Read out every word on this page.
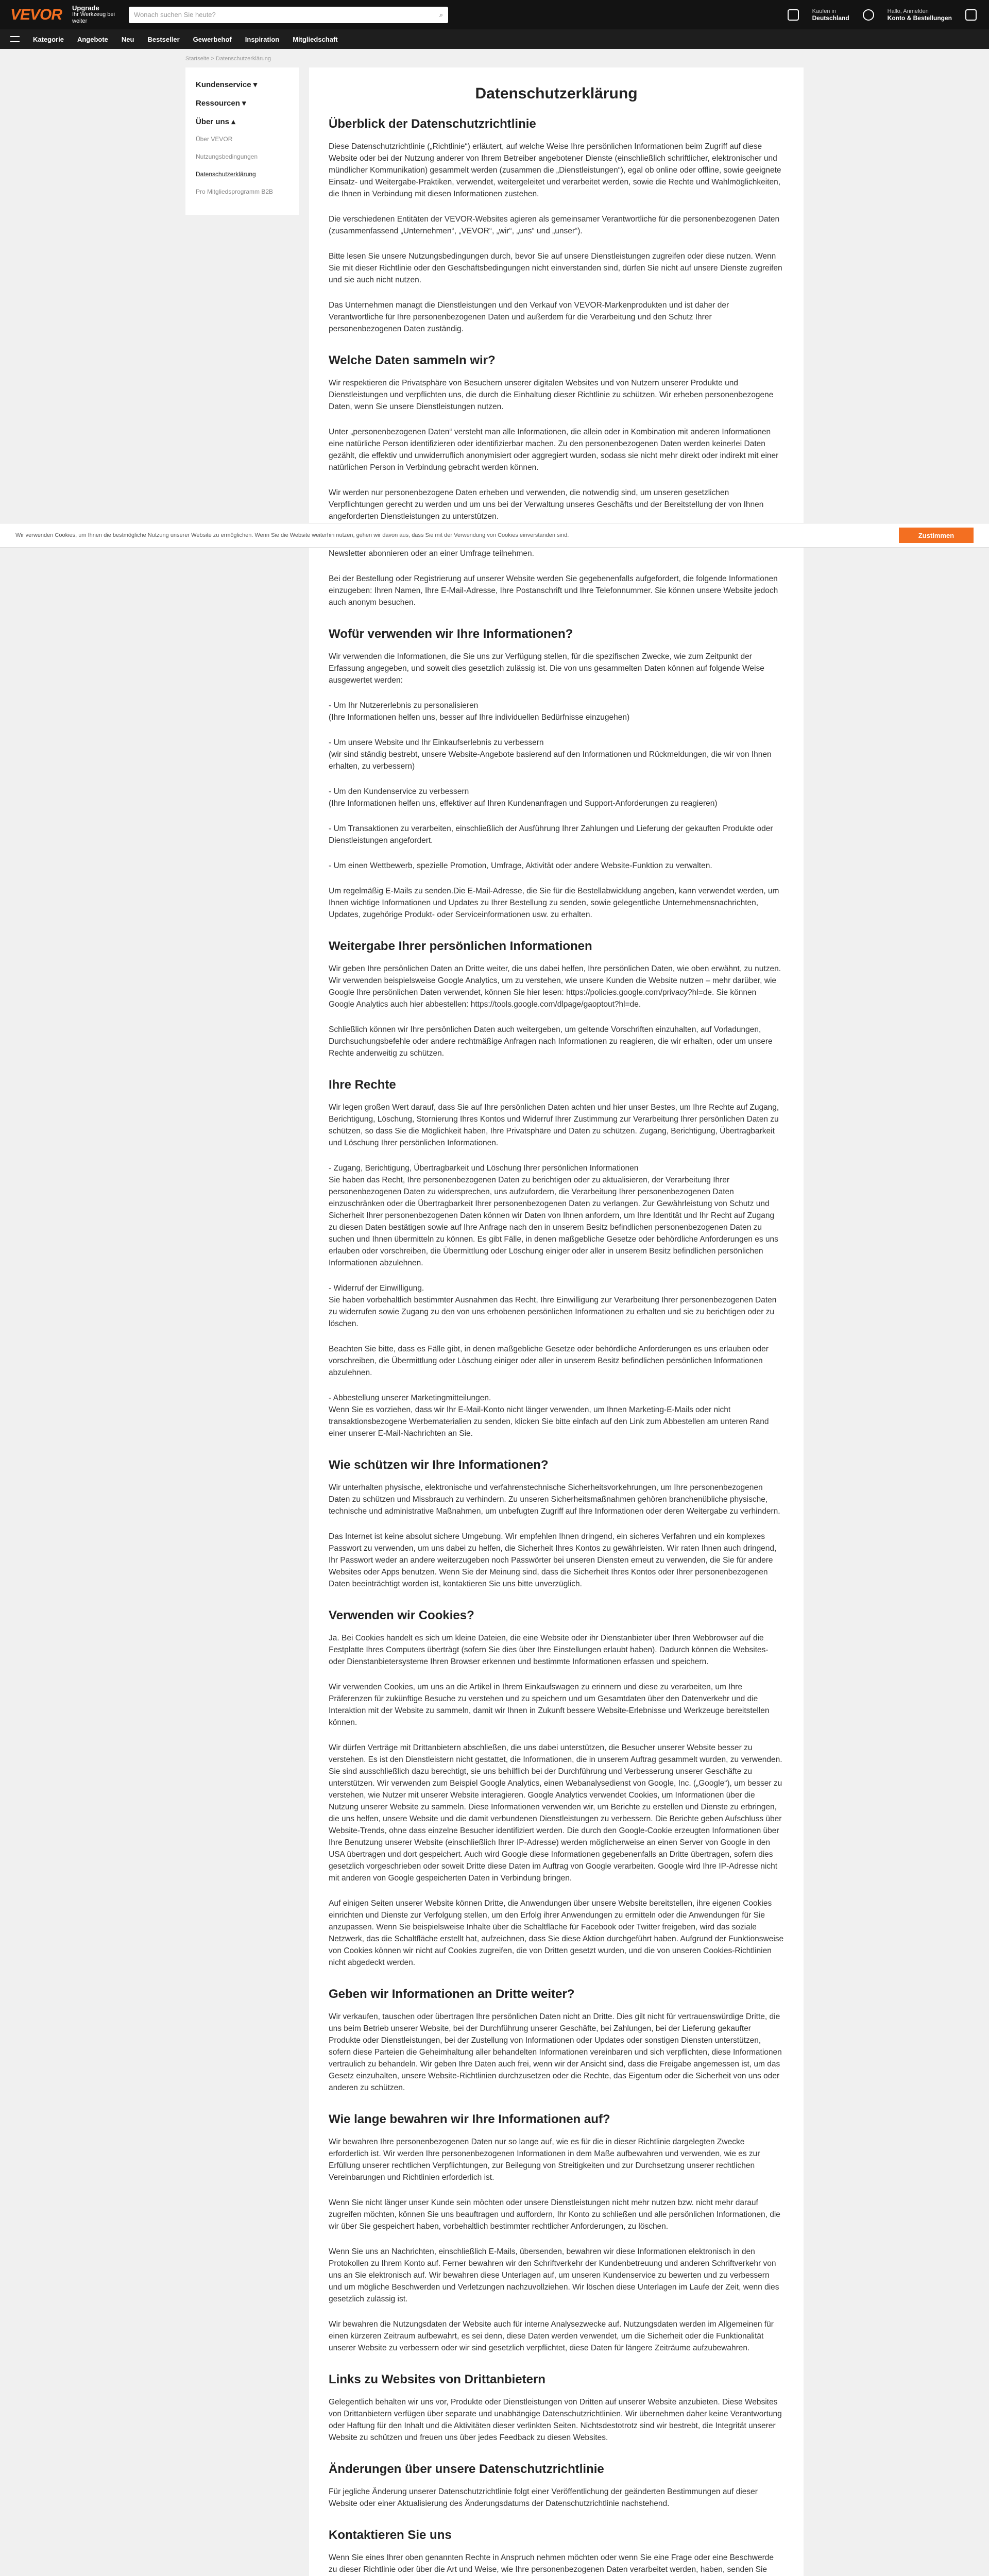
VEVOR	Upgrade
Ihr Werkzeug bei weiter
Wonach suchen Sie heute?	⌕	Kaufen in
Deutschland
Hallo, Anmelden
Konto & Bestellungen
Kategorie Angebote Neu Bestseller Gewerbehof Inspiration Mitgliedschaft
Startseite > Datenschutzerklärung
Kundenservice ▾
Ressourcen ▾
Über uns ▴
Über VEVOR
Nutzungsbedingungen
Datenschutzerklärung
Pro Mitgliedsprogramm B2B
Datenschutzerklärung
Überblick der Datenschutzrichtlinie

Diese Datenschutzrichtlinie („Richtlinie“) erläutert, auf welche Weise Ihre persönlichen Informationen beim Zugriff auf diese Website oder bei der Nutzung anderer von Ihrem Betreiber angebotener Dienste (einschließlich schriftlicher, elektronischer und mündlicher Kommunikation) gesammelt werden (zusammen die „Dienstleistungen“), egal ob online oder offline, sowie geeignete Einsatz- und Weitergabe-Praktiken, verwendet, weitergeleitet und verarbeitet werden, sowie die Rechte und Wahlmöglichkeiten, die Ihnen in Verbindung mit diesen Informationen zustehen.

Die verschiedenen Entitäten der VEVOR-Websites agieren als gemeinsamer Verantwortliche für die personenbezogenen Daten (zusammenfassend „Unternehmen“, „VEVOR“, „wir“, „uns“ und „unser“).

Bitte lesen Sie unsere Nutzungsbedingungen durch, bevor Sie auf unsere Dienstleistungen zugreifen oder diese nutzen. Wenn Sie mit dieser Richtlinie oder den Geschäftsbedingungen nicht einverstanden sind, dürfen Sie nicht auf unsere Dienste zugreifen und sie auch nicht nutzen.

Das Unternehmen managt die Dienstleistungen und den Verkauf von VEVOR-Markenprodukten und ist daher der Verantwortliche für Ihre personenbezogenen Daten und außerdem für die Verarbeitung und den Schutz Ihrer personenbezogenen Daten zuständig.

Welche Daten sammeln wir?

Wir respektieren die Privatsphäre von Besuchern unserer digitalen Websites und von Nutzern unserer Produkte und Dienstleistungen und verpflichten uns, die durch die Einhaltung dieser Richtlinie zu schützen. Wir erheben personenbezogene Daten, wenn Sie unsere Dienstleistungen nutzen.

Unter „personenbezogenen Daten“ versteht man alle Informationen, die allein oder in Kombination mit anderen Informationen eine natürliche Person identifizieren oder identifizierbar machen. Zu den personenbezogenen Daten werden keinerlei Daten gezählt, die effektiv und unwiderruflich anonymisiert oder aggregiert wurden, sodass sie nicht mehr direkt oder indirekt mit einer natürlichen Person in Verbindung gebracht werden können.

Wir werden nur personenbezogene Daten erheben und verwenden, die notwendig sind, um unseren gesetzlichen Verpflichtungen gerecht zu werden und um uns bei der Verwaltung unseres Geschäfts und der Bereitstellung der von Ihnen angeforderten Dienstleistungen zu unterstützen.

Newsletter abonnieren oder an einer Umfrage teilnehmen.

Bei der Bestellung oder Registrierung auf unserer Website werden Sie gegebenenfalls aufgefordert, die folgende Informationen einzugeben: Ihren Namen, Ihre E-Mail-Adresse, Ihre Postanschrift und Ihre Telefonnummer. Sie können unsere Website jedoch auch anonym besuchen.

Wofür verwenden wir Ihre Informationen?

Wir verwenden die Informationen, die Sie uns zur Verfügung stellen, für die spezifischen Zwecke, wie zum Zeitpunkt der Erfassung angegeben, und soweit dies gesetzlich zulässig ist. Die von uns gesammelten Daten können auf folgende Weise ausgewertet werden:

- Um Ihr Nutzererlebnis zu personalisieren
(Ihre Informationen helfen uns, besser auf Ihre individuellen Bedürfnisse einzugehen)

- Um unsere Website und Ihr Einkaufserlebnis zu verbessern
(wir sind ständig bestrebt, unsere Website-Angebote basierend auf den Informationen und Rückmeldungen, die wir von Ihnen erhalten, zu verbessern)

- Um den Kundenservice zu verbessern
(Ihre Informationen helfen uns, effektiver auf Ihren Kundenanfragen und Support-Anforderungen zu reagieren)

- Um Transaktionen zu verarbeiten, einschließlich der Ausführung Ihrer Zahlungen und Lieferung der gekauften Produkte oder Dienstleistungen angefordert.

- Um einen Wettbewerb, spezielle Promotion, Umfrage, Aktivität oder andere Website-Funktion zu verwalten.

Um regelmäßig E-Mails zu senden.Die E-Mail-Adresse, die Sie für die Bestellabwicklung angeben, kann verwendet werden, um Ihnen wichtige Informationen und Updates zu Ihrer Bestellung zu senden, sowie gelegentliche Unternehmensnachrichten, Updates, zugehörige Produkt- oder Serviceinformationen usw. zu erhalten.

Weitergabe Ihrer persönlichen Informationen

Wir geben Ihre persönlichen Daten an Dritte weiter, die uns dabei helfen, Ihre persönlichen Daten, wie oben erwähnt, zu nutzen. Wir verwenden beispielsweise Google Analytics, um zu verstehen, wie unsere Kunden die Website nutzen – mehr darüber, wie Google Ihre persönlichen Daten verwendet, können Sie hier lesen: https://policies.google.com/privacy?hl=de. Sie können Google Analytics auch hier abbestellen: https://tools.google.com/dlpage/gaoptout?hl=de.

Schließlich können wir Ihre persönlichen Daten auch weitergeben, um geltende Vorschriften einzuhalten, auf Vorladungen, Durchsuchungsbefehle oder andere rechtmäßige Anfragen nach Informationen zu reagieren, die wir erhalten, oder um unsere Rechte anderweitig zu schützen.

Ihre Rechte

Wir legen großen Wert darauf, dass Sie auf Ihre persönlichen Daten achten und hier unser Bestes, um Ihre Rechte auf Zugang, Berichtigung, Löschung, Stornierung Ihres Kontos und Widerruf Ihrer Zustimmung zur Verarbeitung Ihrer persönlichen Daten zu schützen, so dass Sie die Möglichkeit haben, Ihre Privatsphäre und Daten zu schützen. Zugang, Berichtigung, Übertragbarkeit und Löschung Ihrer persönlichen Informationen.

- Zugang, Berichtigung, Übertragbarkeit und Löschung Ihrer persönlichen Informationen
Sie haben das Recht, Ihre personenbezogenen Daten zu berichtigen oder zu aktualisieren, der Verarbeitung Ihrer personenbezogenen Daten zu widersprechen, uns aufzufordern, die Verarbeitung Ihrer personenbezogenen Daten einzuschränken oder die Übertragbarkeit Ihrer personenbezogenen Daten zu verlangen. Zur Gewährleistung von Schutz und Sicherheit Ihrer personenbezogenen Daten können wir Daten von Ihnen anfordern, um Ihre Identität und Ihr Recht auf Zugang zu diesen Daten bestätigen sowie auf Ihre Anfrage nach den in unserem Besitz befindlichen personenbezogenen Daten zu suchen und Ihnen übermitteln zu können. Es gibt Fälle, in denen maßgebliche Gesetze oder behördliche Anforderungen es uns erlauben oder vorschreiben, die Übermittlung oder Löschung einiger oder aller in unserem Besitz befindlichen persönlichen Informationen abzulehnen.

- Widerruf der Einwilligung.
Sie haben vorbehaltlich bestimmter Ausnahmen das Recht, Ihre Einwilligung zur Verarbeitung Ihrer personenbezogenen Daten zu widerrufen sowie Zugang zu den von uns erhobenen persönlichen Informationen zu erhalten und sie zu berichtigen oder zu löschen.

Beachten Sie bitte, dass es Fälle gibt, in denen maßgebliche Gesetze oder behördliche Anforderungen es uns erlauben oder vorschreiben, die Übermittlung oder Löschung einiger oder aller in unserem Besitz befindlichen persönlichen Informationen abzulehnen.

- Abbestellung unserer Marketingmitteilungen.
Wenn Sie es vorziehen, dass wir Ihr E-Mail-Konto nicht länger verwenden, um Ihnen Marketing-E-Mails oder nicht transaktionsbezogene Werbematerialien zu senden, klicken Sie bitte einfach auf den Link zum Abbestellen am unteren Rand einer unserer E-Mail-Nachrichten an Sie.

Wie schützen wir Ihre Informationen?

Wir unterhalten physische, elektronische und verfahrenstechnische Sicherheitsvorkehrungen, um Ihre personenbezogenen Daten zu schützen und Missbrauch zu verhindern. Zu unseren Sicherheitsmaßnahmen gehören branchenübliche physische, technische und administrative Maßnahmen, um unbefugten Zugriff auf Ihre Informationen oder deren Weitergabe zu verhindern.

Das Internet ist keine absolut sichere Umgebung. Wir empfehlen Ihnen dringend, ein sicheres Verfahren und ein komplexes Passwort zu verwenden, um uns dabei zu helfen, die Sicherheit Ihres Kontos zu gewährleisten. Wir raten Ihnen auch dringend, Ihr Passwort weder an andere weiterzugeben noch Passwörter bei unseren Diensten erneut zu verwenden, die Sie für andere Websites oder Apps benutzen. Wenn Sie der Meinung sind, dass die Sicherheit Ihres Kontos oder Ihrer personenbezogenen Daten beeinträchtigt worden ist, kontaktieren Sie uns bitte unverzüglich.

Verwenden wir Cookies?

Ja. Bei Cookies handelt es sich um kleine Dateien, die eine Website oder ihr Dienstanbieter über Ihren Webbrowser auf die Festplatte Ihres Computers überträgt (sofern Sie dies über Ihre Einstellungen erlaubt haben). Dadurch können die Websites- oder Dienstanbietersysteme Ihren Browser erkennen und bestimmte Informationen erfassen und speichern.

Wir verwenden Cookies, um uns an die Artikel in Ihrem Einkaufswagen zu erinnern und diese zu verarbeiten, um Ihre Präferenzen für zukünftige Besuche zu verstehen und zu speichern und um Gesamtdaten über den Datenverkehr und die Interaktion mit der Website zu sammeln, damit wir Ihnen in Zukunft bessere Website-Erlebnisse und Werkzeuge bereitstellen können.

Wir dürfen Verträge mit Drittanbietern abschließen, die uns dabei unterstützen, die Besucher unserer Website besser zu verstehen. Es ist den Dienstleistern nicht gestattet, die Informationen, die in unserem Auftrag gesammelt wurden, zu verwenden. Sie sind ausschließlich dazu berechtigt, sie uns behilflich bei der Durchführung und Verbesserung unserer Geschäfte zu unterstützen. Wir verwenden zum Beispiel Google Analytics, einen Webanalysedienst von Google, Inc. („Google“), um besser zu verstehen, wie Nutzer mit unserer Website interagieren. Google Analytics verwendet Cookies, um Informationen über die Nutzung unserer Website zu sammeln. Diese Informationen verwenden wir, um Berichte zu erstellen und Dienste zu erbringen, die uns helfen, unsere Website und die damit verbundenen Dienstleistungen zu verbessern. Die Berichte geben Aufschluss über Website-Trends, ohne dass einzelne Besucher identifiziert werden. Die durch den Google-Cookie erzeugten Informationen über Ihre Benutzung unserer Website (einschließlich Ihrer IP-Adresse) werden möglicherweise an einen Server von Google in den USA übertragen und dort gespeichert. Auch wird Google diese Informationen gegebenenfalls an Dritte übertragen, sofern dies gesetzlich vorgeschrieben oder soweit Dritte diese Daten im Auftrag von Google verarbeiten. Google wird Ihre IP-Adresse nicht mit anderen von Google gespeicherten Daten in Verbindung bringen.

Auf einigen Seiten unserer Website können Dritte, die Anwendungen über unsere Website bereitstellen, ihre eigenen Cookies einrichten und Dienste zur Verfolgung stellen, um den Erfolg ihrer Anwendungen zu ermitteln oder die Anwendungen für Sie anzupassen. Wenn Sie beispielsweise Inhalte über die Schaltfläche für Facebook oder Twitter freigeben, wird das soziale Netzwerk, das die Schaltfläche erstellt hat, aufzeichnen, dass Sie diese Aktion durchgeführt haben. Aufgrund der Funktionsweise von Cookies können wir nicht auf Cookies zugreifen, die von Dritten gesetzt wurden, und die von unseren Cookies-Richtlinien nicht abgedeckt werden.

Geben wir Informationen an Dritte weiter?

Wir verkaufen, tauschen oder übertragen Ihre persönlichen Daten nicht an Dritte. Dies gilt nicht für vertrauenswürdige Dritte, die uns beim Betrieb unserer Website, bei der Durchführung unserer Geschäfte, bei Zahlungen, bei der Lieferung gekaufter Produkte oder Dienstleistungen, bei der Zustellung von Informationen oder Updates oder sonstigen Diensten unterstützen, sofern diese Parteien die Geheimhaltung aller behandelten Informationen vereinbaren und sich verpflichten, diese Informationen vertraulich zu behandeln. Wir geben Ihre Daten auch frei, wenn wir der Ansicht sind, dass die Freigabe angemessen ist, um das Gesetz einzuhalten, unsere Website-Richtlinien durchzusetzen oder die Rechte, das Eigentum oder die Sicherheit von uns oder anderen zu schützen.

Wie lange bewahren wir Ihre Informationen auf?

Wir bewahren Ihre personenbezogenen Daten nur so lange auf, wie es für die in dieser Richtlinie dargelegten Zwecke erforderlich ist. Wir werden Ihre personenbezogenen Informationen in dem Maße aufbewahren und verwenden, wie es zur Erfüllung unserer rechtlichen Verpflichtungen, zur Beilegung von Streitigkeiten und zur Durchsetzung unserer rechtlichen Vereinbarungen und Richtlinien erforderlich ist.

Wenn Sie nicht länger unser Kunde sein möchten oder unsere Dienstleistungen nicht mehr nutzen bzw. nicht mehr darauf zugreifen möchten, können Sie uns beauftragen und auffordern, Ihr Konto zu schließen und alle persönlichen Informationen, die wir über Sie gespeichert haben, vorbehaltlich bestimmter rechtlicher Anforderungen, zu löschen.

Wenn Sie uns an Nachrichten, einschließlich E-Mails, übersenden, bewahren wir diese Informationen elektronisch in den Protokollen zu Ihrem Konto auf. Ferner bewahren wir den Schriftverkehr der Kundenbetreuung und anderen Schriftverkehr von uns an Sie elektronisch auf. Wir bewahren diese Unterlagen auf, um unseren Kundenservice zu bewerten und zu verbessern und um mögliche Beschwerden und Verletzungen nachzuvollziehen. Wir löschen diese Unterlagen im Laufe der Zeit, wenn dies gesetzlich zulässig ist.

Wir bewahren die Nutzungsdaten der Website auch für interne Analysezwecke auf. Nutzungsdaten werden im Allgemeinen für einen kürzeren Zeitraum aufbewahrt, es sei denn, diese Daten werden verwendet, um die Sicherheit oder die Funktionalität unserer Website zu verbessern oder wir sind gesetzlich verpflichtet, diese Daten für längere Zeiträume aufzubewahren.

Links zu Websites von Drittanbietern

Gelegentlich behalten wir uns vor, Produkte oder Dienstleistungen von Dritten auf unserer Website anzubieten. Diese Websites von Drittanbietern verfügen über separate und unabhängige Datenschutzrichtlinien. Wir übernehmen daher keine Verantwortung oder Haftung für den Inhalt und die Aktivitäten dieser verlinkten Seiten. Nichtsdestotrotz sind wir bestrebt, die Integrität unserer Website zu schützen und freuen uns über jedes Feedback zu diesen Websites.

Änderungen über unsere Datenschutzrichtlinie

Für jegliche Änderung unserer Datenschutzrichtlinie folgt einer Veröffentlichung der geänderten Bestimmungen auf dieser Website oder einer Aktualisierung des Änderungsdatums der Datenschutzrichtlinie nachstehend.

Kontaktieren Sie uns

Wenn Sie eines Ihrer oben genannten Rechte in Anspruch nehmen möchten oder wenn Sie eine Frage oder eine Beschwerde zu dieser Richtlinie oder über die Art und Weise, wie Ihre personenbezogenen Daten verarbeitet werden, haben, senden Sie

Wir verwenden Cookies, um Ihnen die bestmögliche Nutzung unserer Website zu ermöglichen. Wenn Sie die Website weiterhin nutzen, gehen wir davon aus, dass Sie mit der Verwendung von Cookies einverstanden sind.	Zustimmen
